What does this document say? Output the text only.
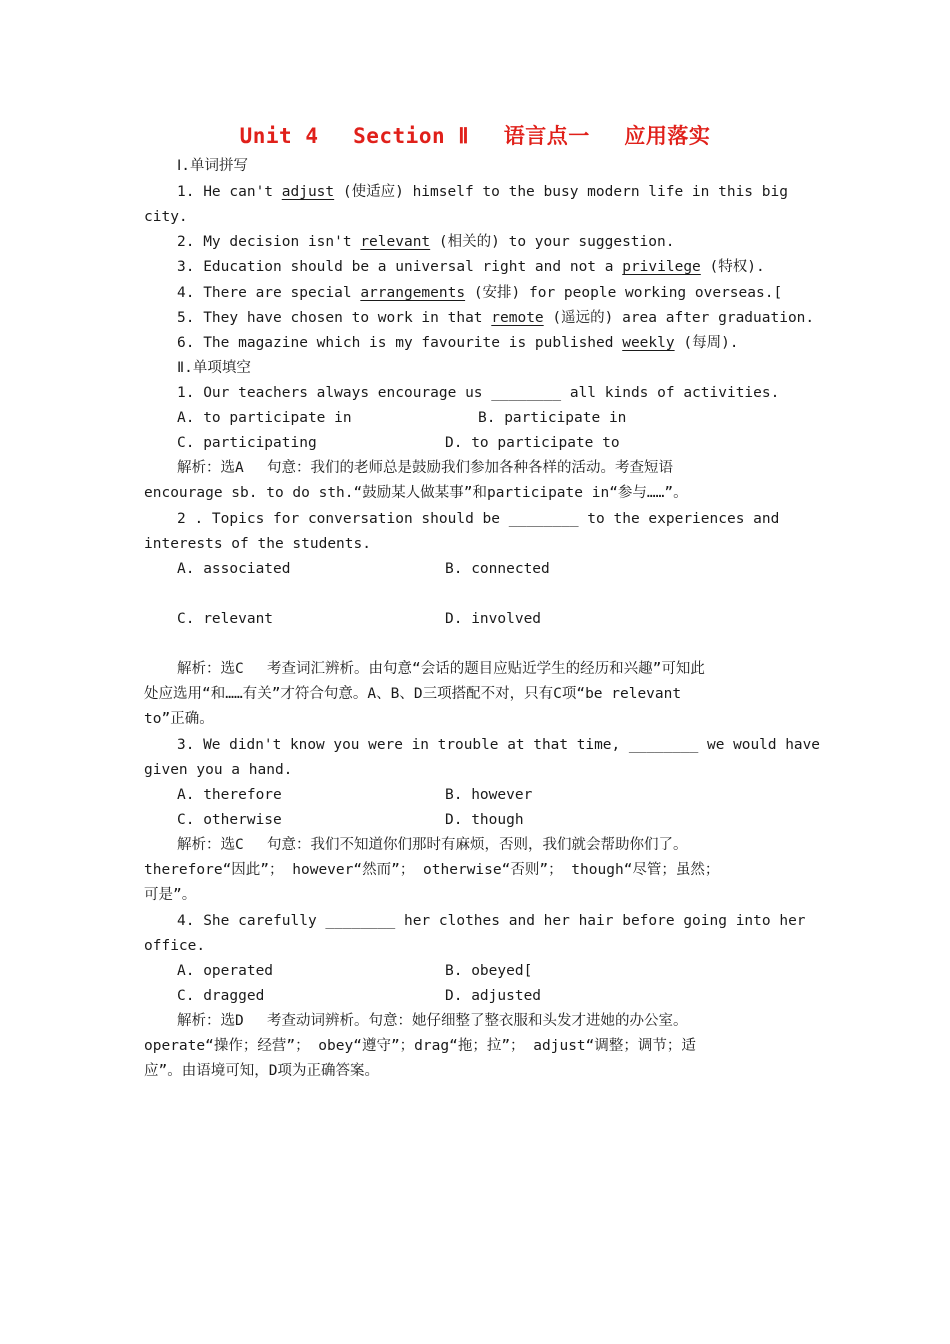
Unit 4　 Section Ⅱ　 语言点一　 应用落实
Ⅰ.单词拼写
1. He can't adjust (使适应) himself to the busy modern life in this big
city.
2. My decision isn't relevant (相关的) to your suggestion.
3. Education should be a universal right and not a privilege (特权).
4. There are special arrangements (安排) for people working overseas.[
5. They have chosen to work in that remote (遥远的) area after graduation.
6. The magazine which is my favourite is published weekly (每周).
Ⅱ.单项填空
1. Our teachers always encourage us ________ all kinds of activities.
A. to participate in	B. participate in
C. participating	D. to participate to
解析：选A　 句意：我们的老师总是鼓励我们参加各种各样的活动。考查短语
encourage sb. to do sth.“鼓励某人做某事”和participate in“参与……”。
2 . Topics for conversation should be ________ to the experiences and
interests of the students.
A. associated	B. connected
C. relevant	D. involved
解析：选C　 考查词汇辨析。由句意“会话的题目应贴近学生的经历和兴趣”可知此
处应选用“和……有关”才符合句意。A、B、D三项搭配不对，只有C项“be relevant
to”正确。
3. We didn't know you were in trouble at that time, ________ we would have
given you a hand.
A. therefore	B. however
C. otherwise	D. though
解析：选C　 句意：我们不知道你们那时有麻烦，否则，我们就会帮助你们了。
therefore“因此”； however“然而”； otherwise“否则”； though“尽管；虽然；
可是”。
4. She carefully ________ her clothes and her hair before going into her
office.
A. operated	B. obeyed[
C. dragged	D. adjusted
解析：选D　 考查动词辨析。句意：她仔细整了整衣服和头发才进她的办公室。
operate“操作；经营”； obey“遵守”；drag“拖；拉”； adjust“调整；调节；适
应”。由语境可知，D项为正确答案。
